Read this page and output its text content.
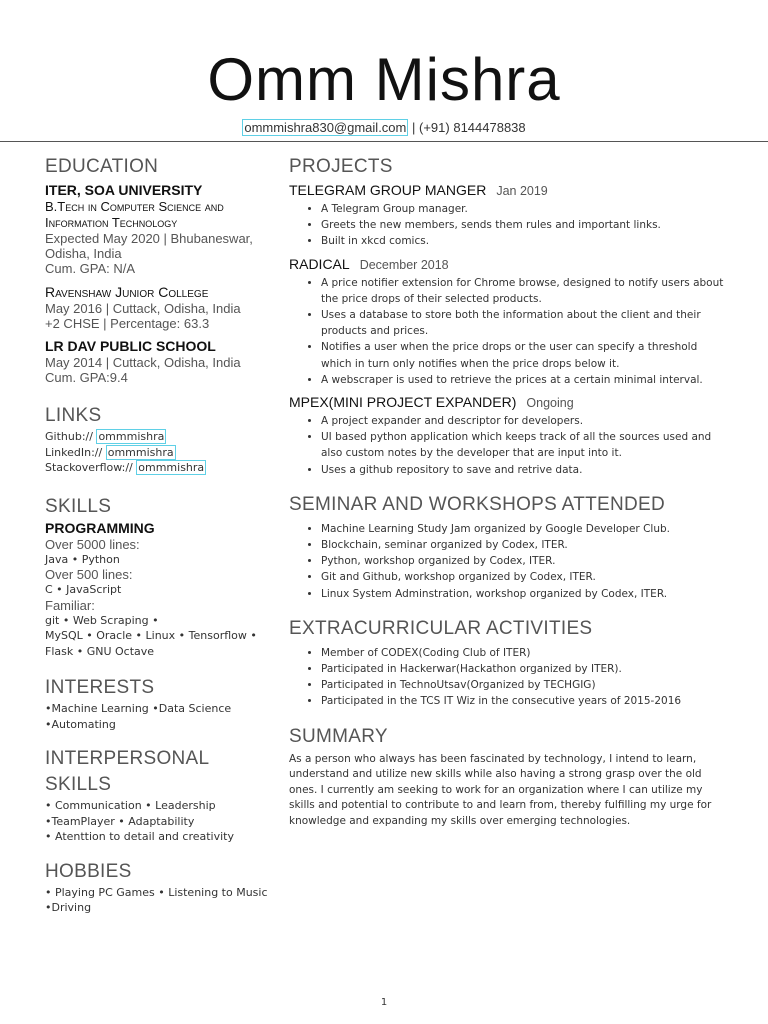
Omm Mishra
ommmishra830@gmail.com | (+91) 8144478838
EDUCATION
ITER, SOA UNIVERSITY
B.Tech in Computer Science and Information Technology
Expected May 2020 | Bhubaneswar, Odisha, India
Cum. GPA: N/A
Ravenshaw Junior College
May 2016 | Cuttack, Odisha, India
+2 CHSE | Percentage: 63.3
LR DAV PUBLIC SCHOOL
May 2014 | Cuttack, Odisha, India
Cum. GPA:9.4
LINKS
Github:// ommmishra
LinkedIn:// ommmishra
Stackoverflow:// ommmishra
SKILLS
PROGRAMMING
Over 5000 lines:
Java • Python
Over 500 lines:
C • JavaScript
Familiar:
git • Web Scraping •
MySQL • Oracle • Linux • Tensorflow •
Flask • GNU Octave
INTERESTS
•Machine Learning •Data Science
•Automating
INTERPERSONAL SKILLS
• Communication • Leadership
•TeamPlayer • Adaptability
• Atenttion to detail and creativity
HOBBIES
• Playing PC Games • Listening to Music
•Driving
PROJECTS
TELEGRAM GROUP MANGER Jan 2019
• A Telegram Group manager.
• Greets the new members, sends them rules and important links.
• Built in xkcd comics.
RADICAL December 2018
• A price notifier extension for Chrome browse, designed to notify users about the price drops of their selected products.
• Uses a database to store both the information about the client and their products and prices.
• Notifies a user when the price drops or the user can specify a threshold which in turn only notifies when the price drops below it.
• A webscraper is used to retrieve the prices at a certain minimal interval.
MPEX(MINI PROJECT EXPANDER) Ongoing
• A project expander and descriptor for developers.
• UI based python application which keeps track of all the sources used and also custom notes by the developer that are input into it.
• Uses a github repository to save and retrive data.
SEMINAR AND WORKSHOPS ATTENDED
• Machine Learning Study Jam organized by Google Developer Club.
• Blockchain, seminar organized by Codex, ITER.
• Python, workshop organized by Codex, ITER.
• Git and Github, workshop organized by Codex, ITER.
• Linux System Adminstration, workshop organized by Codex, ITER.
EXTRACURRICULAR ACTIVITIES
• Member of CODEX(Coding Club of ITER)
• Participated in Hackerwar(Hackathon organized by ITER).
• Participated in TechnoUtsav(Organized by TECHGIG)
• Participated in the TCS IT Wiz in the consecutive years of 2015-2016
SUMMARY
As a person who always has been fascinated by technology, I intend to learn, understand and utilize new skills while also having a strong grasp over the old ones. I currently am seeking to work for an organization where I can utilize my skills and potential to contribute to and learn from, thereby fulfilling my urge for knowledge and expanding my skills over emerging technologies.
1
